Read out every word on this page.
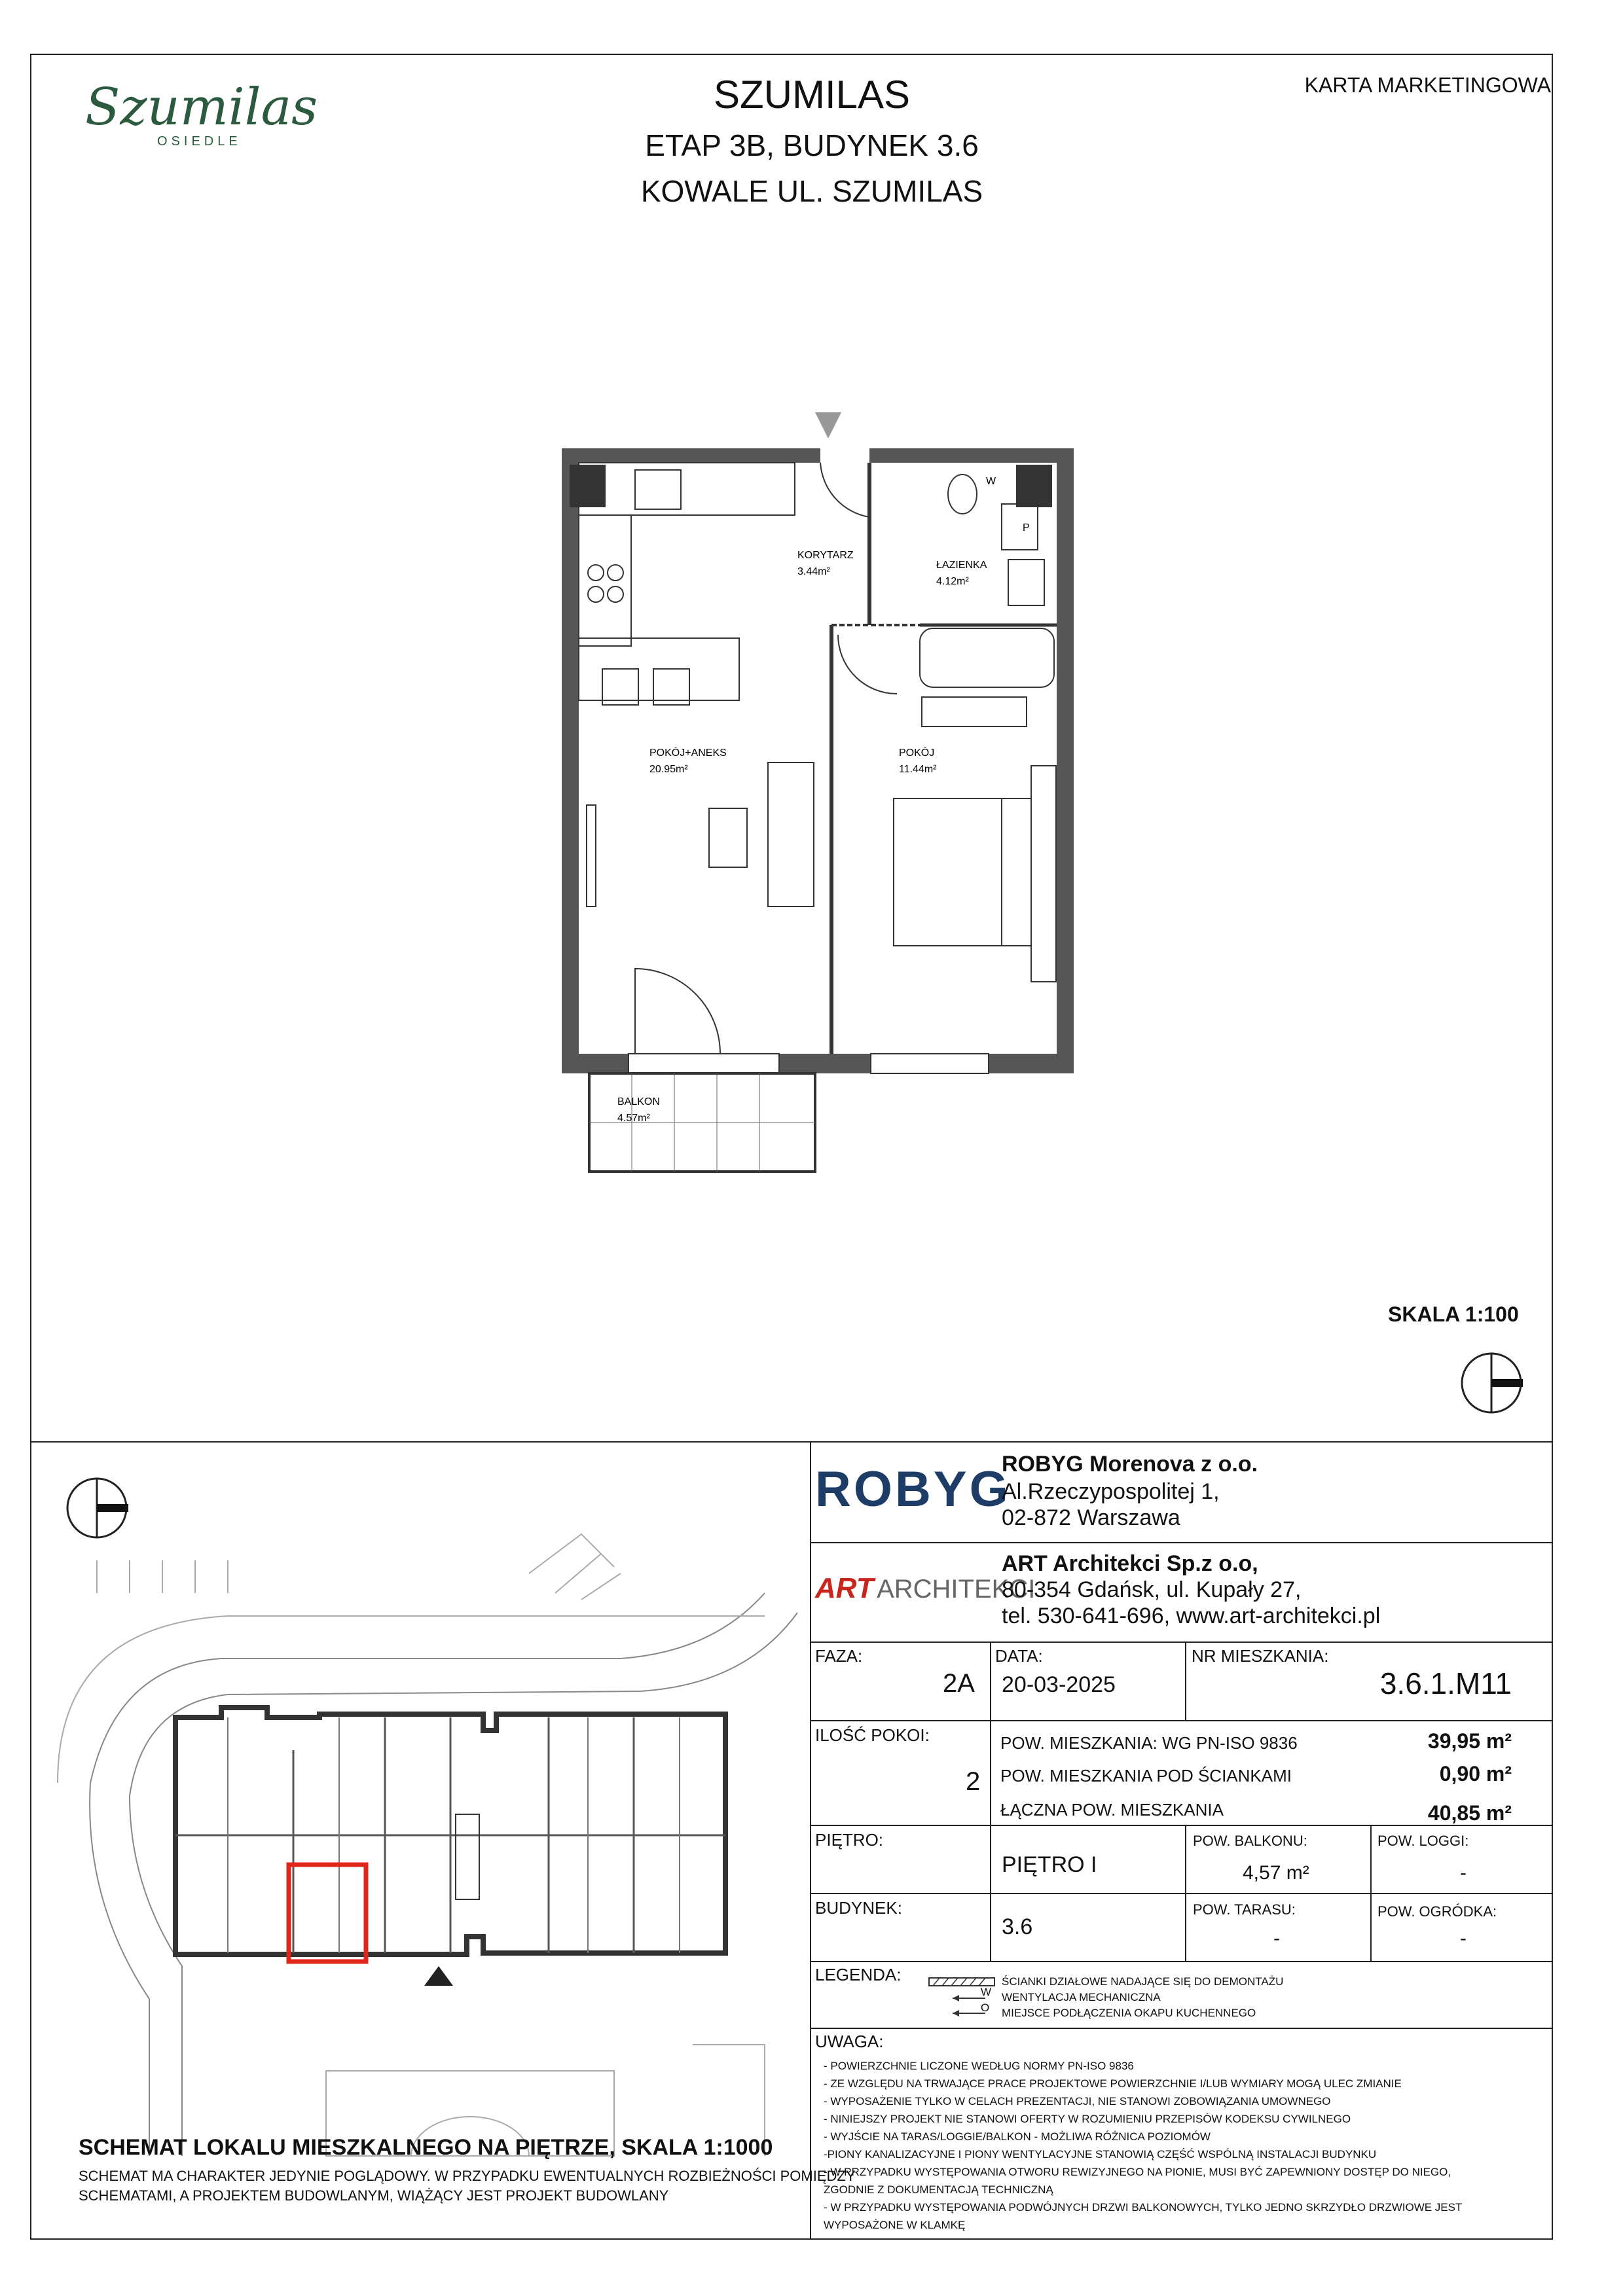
Szumilas
OSIEDLE
SZUMILAS
ETAP 3B, BUDYNEK 3.6
KOWALE UL. SZUMILAS
KARTA MARKETINGOWA
KORYTARZ
3.44m²
ŁAZIENKA
4.12m²
POKÓJ+ANEKS
20.95m²
POKÓJ
11.44m²
BALKON
4.57m²
W
P
SKALA 1:100
SCHEMAT LOKALU MIESZKALNEGO NA PIĘTRZE, SKALA 1:1000
SCHEMAT MA CHARAKTER JEDYNIE POGLĄDOWY. W PRZYPADKU EWENTUALNYCH ROZBIEŻNOŚCI POMIĘDZY
SCHEMATAMI, A PROJEKTEM BUDOWLANYM, WIĄŻĄCY JEST PROJEKT BUDOWLANY
ROBYG
ROBYG Morenova z o.o.
Al.Rzeczypospolitej 1,
02-872 Warszawa
ART ARCHITEKCI
ART Architekci Sp.z o.o,
80-354 Gdańsk, ul. Kupały 27,
tel. 530-641-696, www.art-architekci.pl
FAZA:
2A
DATA:
20-03-2025
NR MIESZKANIA:
3.6.1.M11
ILOŚĆ POKOI:
2
POW. MIESZKANIA: WG PN-ISO 9836	39,95 m²
POW. MIESZKANIA POD ŚCIANKAMI	0,90 m²
ŁĄCZNA POW. MIESZKANIA	40,85 m²
PIĘTRO:
PIĘTRO I
POW. BALKONU:
4,57 m²
POW. LOGGI:
-
BUDYNEK:
3.6
POW. TARASU:
-
POW. OGRÓDKA:
-
LEGENDA:
W
O
ŚCIANKI DZIAŁOWE NADAJĄCE SIĘ DO DEMONTAŻU
WENTYLACJA MECHANICZNA
MIEJSCE PODŁĄCZENIA OKAPU KUCHENNEGO
UWAGA:
- POWIERZCHNIE LICZONE WEDŁUG NORMY PN-ISO 9836
- ZE WZGLĘDU NA TRWAJĄCE PRACE PROJEKTOWE POWIERZCHNIE I/LUB WYMIARY MOGĄ ULEC ZMIANIE
- WYPOSAŻENIE TYLKO W CELACH PREZENTACJI, NIE STANOWI ZOBOWIĄZANIA UMOWNEGO
- NINIEJSZY PROJEKT NIE STANOWI OFERTY W ROZUMIENIU PRZEPISÓW KODEKSU CYWILNEGO
- WYJŚCIE NA TARAS/LOGGIE/BALKON - MOŻLIWA RÓŻNICA POZIOMÓW
-PIONY KANALIZACYJNE I PIONY WENTYLACYJNE STANOWIĄ CZĘŚĆ WSPÓLNĄ INSTALACJI BUDYNKU
- W PRZYPADKU WYSTĘPOWANIA OTWORU REWIZYJNEGO NA PIONIE, MUSI BYĆ ZAPEWNIONY DOSTĘP DO NIEGO,
ZGODNIE Z DOKUMENTACJĄ TECHNICZNĄ
- W PRZYPADKU WYSTĘPOWANIA PODWÓJNYCH DRZWI BALKONOWYCH, TYLKO JEDNO SKRZYDŁO DRZWIOWE JEST
WYPOSAŻONE W KLAMKĘ
